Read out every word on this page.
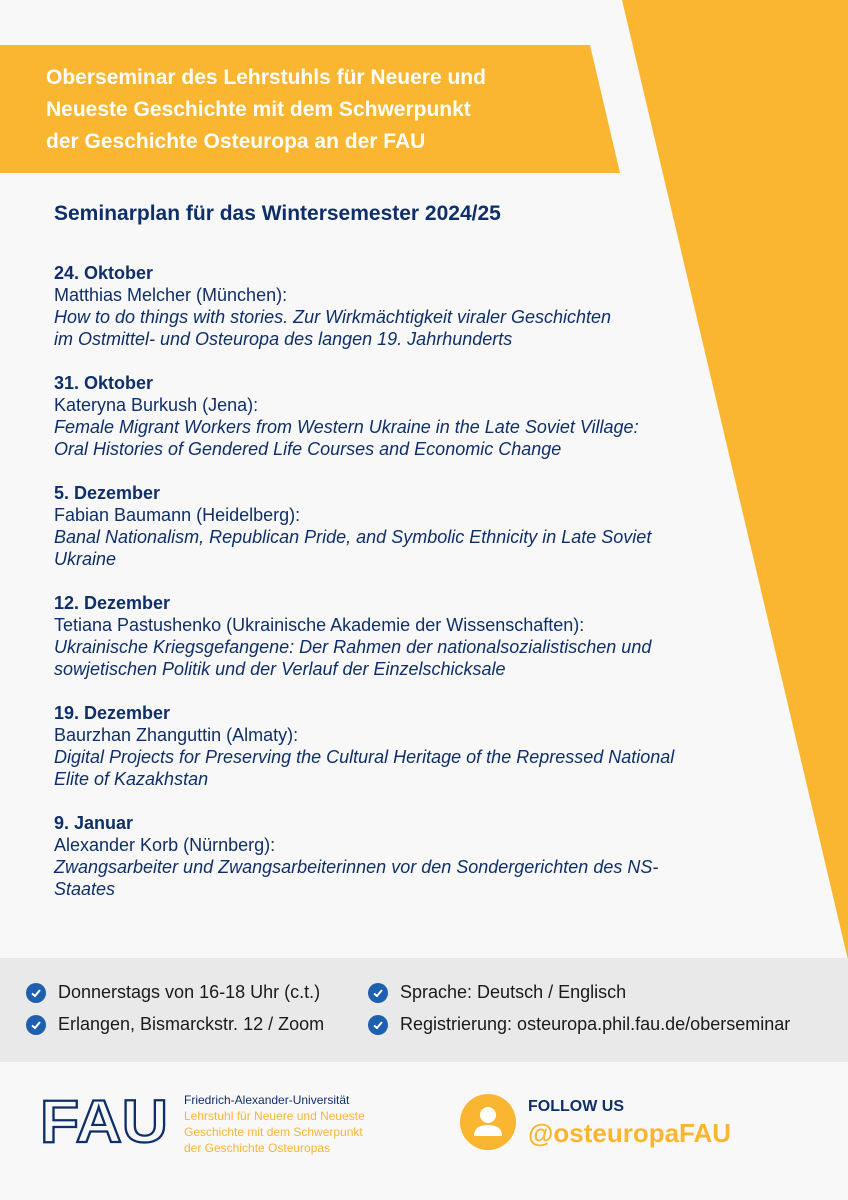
Oberseminar des Lehrstuhls für Neuere und
Neueste Geschichte mit dem Schwerpunkt
der Geschichte Osteuropa an der FAU
Seminarplan für das Wintersemester 2024/25

24. Oktober

Matthias Melcher (München):

How to do things with stories. Zur Wirkmächtigkeit viraler Geschichten

im Ostmittel- und Osteuropa des langen 19. Jahrhunderts

31. Oktober

Kateryna Burkush (Jena):

Female Migrant Workers from Western Ukraine in the Late Soviet Village:

Oral Histories of Gendered Life Courses and Economic Change

5. Dezember

Fabian Baumann (Heidelberg):

Banal Nationalism, Republican Pride, and Symbolic Ethnicity in Late Soviet

Ukraine

12. Dezember

Tetiana Pastushenko (Ukrainische Akademie der Wissenschaften):

Ukrainische Kriegsgefangene: Der Rahmen der nationalsozialistischen und

sowjetischen Politik und der Verlauf der Einzelschicksale

19. Dezember

Baurzhan Zhanguttin (Almaty):

Digital Projects for Preserving the Cultural Heritage of the Repressed National

Elite of Kazakhstan

9. Januar

Alexander Korb (Nürnberg):

Zwangsarbeiter und Zwangsarbeiterinnen vor den Sondergerichten des NS-

Staates

Donnerstags von 16-18 Uhr (c.t.)
Erlangen, Bismarckstr. 12 / Zoom
Sprache: Deutsch / Englisch
Registrierung: osteuropa.phil.fau.de/oberseminar
FAU Friedrich-Alexander-Universität
Lehrstuhl für Neuere und Neueste
Geschichte mit dem Schwerpunkt
der Geschichte Osteuropas
FOLLOW US
@osteuropaFAU
